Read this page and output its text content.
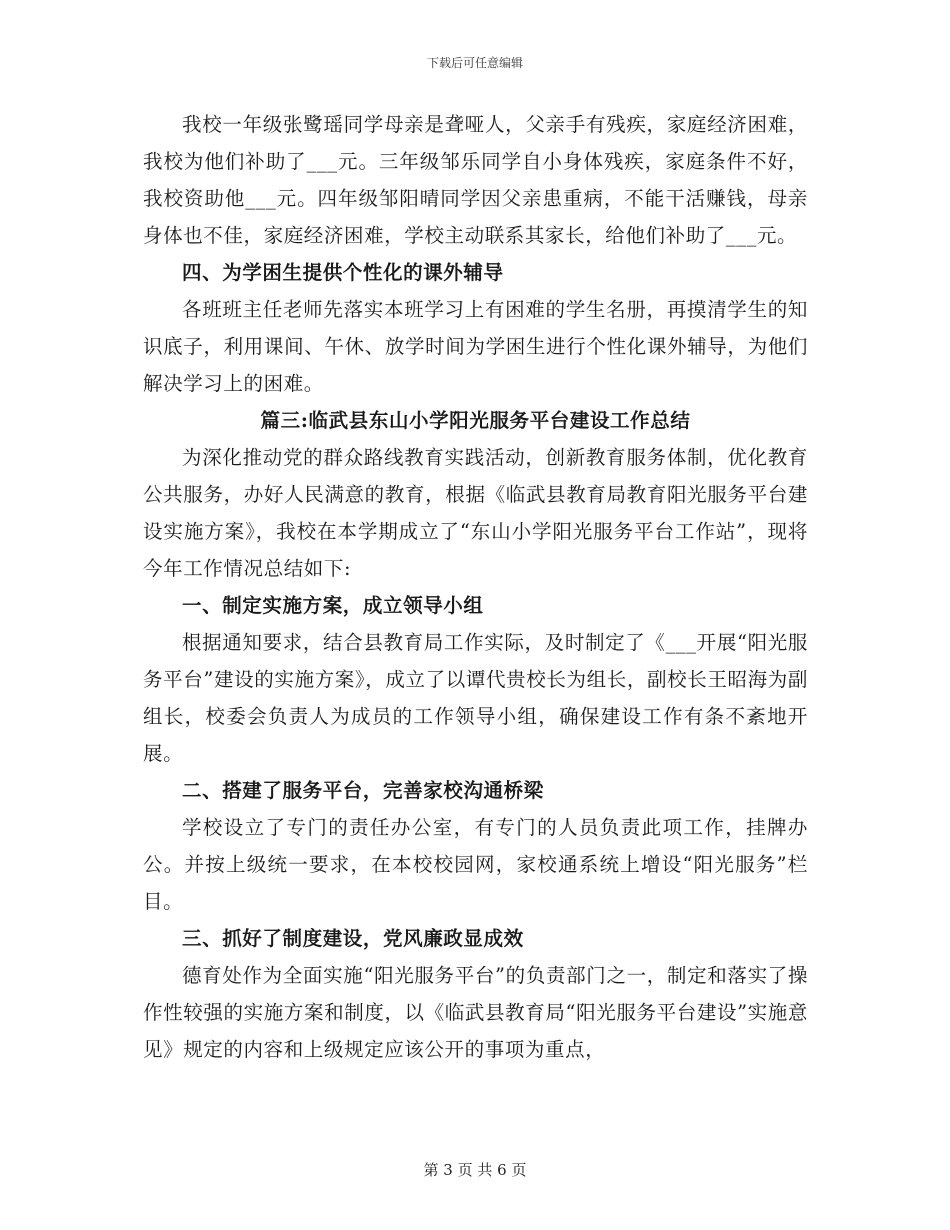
下载后可任意编辑

我校一年级张鹭瑶同学母亲是聋哑人，父亲手有残疾，家庭经济困难，我校为他们补助了___元。三年级邹乐同学自小身体残疾，家庭条件不好，我校资助他___元。四年级邹阳晴同学因父亲患重病，不能干活赚钱，母亲身体也不佳，家庭经济困难，学校主动联系其家长，给他们补助了___元。

四、为学困生提供个性化的课外辅导

各班班主任老师先落实本班学习上有困难的学生名册，再摸清学生的知识底子，利用课间、午休、放学时间为学困生进行个性化课外辅导，为他们解决学习上的困难。

篇三:临武县东山小学阳光服务平台建设工作总结

为深化推动党的群众路线教育实践活动，创新教育服务体制，优化教育公共服务，办好人民满意的教育，根据《临武县教育局教育阳光服务平台建设实施方案》，我校在本学期成立了“东山小学阳光服务平台工作站”，现将今年工作情况总结如下:

一、制定实施方案，成立领导小组

根据通知要求，结合县教育局工作实际，及时制定了《___开展“阳光服务平台”建设的实施方案》，成立了以谭代贵校长为组长，副校长王昭海为副组长，校委会负责人为成员的工作领导小组，确保建设工作有条不紊地开展。

二、搭建了服务平台，完善家校沟通桥梁

学校设立了专门的责任办公室，有专门的人员负责此项工作，挂牌办公。并按上级统一要求，在本校校园网，家校通系统上增设“阳光服务”栏目。

三、抓好了制度建设，党风廉政显成效

德育处作为全面实施“阳光服务平台”的负责部门之一，制定和落实了操作性较强的实施方案和制度，以《临武县教育局“阳光服务平台建设”实施意见》规定的内容和上级规定应该公开的事项为重点，

第 3 页 共 6 页
